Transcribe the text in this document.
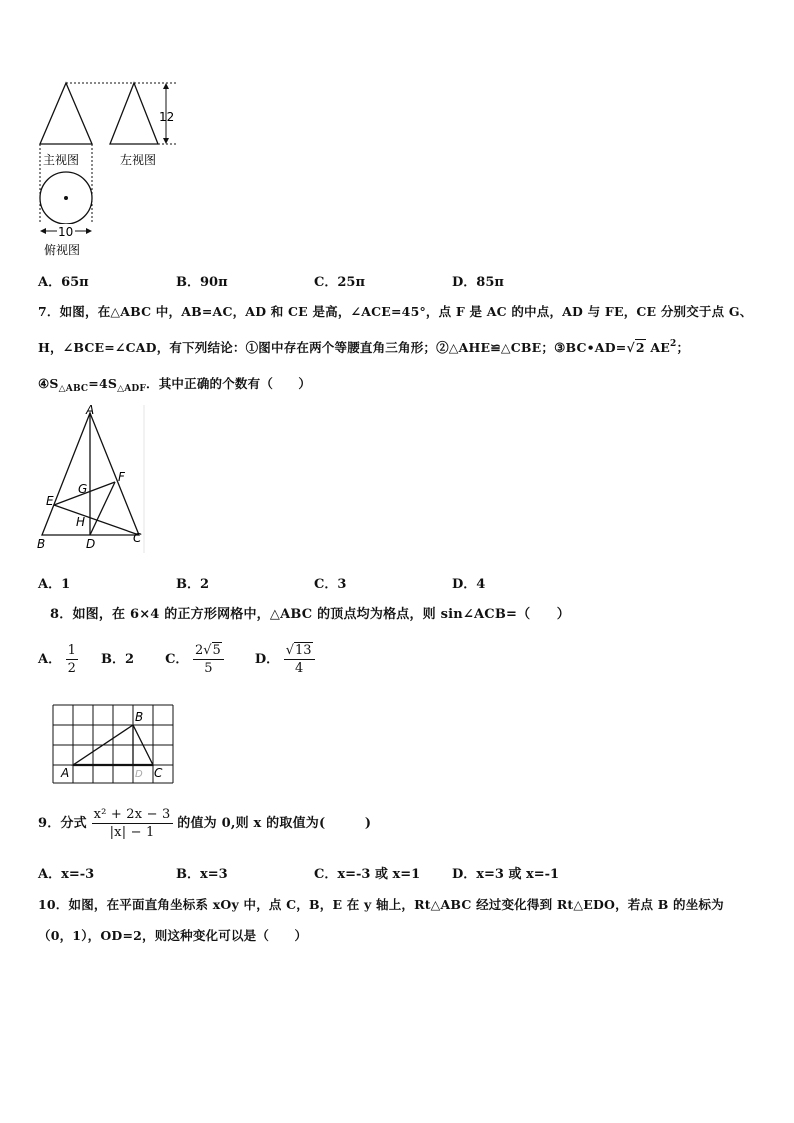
12
主视图	左视图
10
俯视图
A．65π	B．90π	C．25π	D．85π
7．如图，在△ABC 中，AB=AC，AD 和 CE 是高，∠ACE=45°，点 F 是 AC 的中点，AD 与 FE，CE 分别交于点 G、
H，∠BCE=∠CAD，有下列结论：①图中存在两个等腰直角三角形；②△AHE≌△CBE；③BC•AD=√2 $AE^2$；
$④S_{\triangle ABC}=4S_{\triangle ADF}$．其中正确的个数有（　　）
A
B	C
D
E
F
G
H
A．1	B．2	C．3	D．4
8．如图，在 6×4 的正方形网格中，△ABC 的顶点均为格点，则 sin∠ACB=（　　）
A． $\frac{1}{2}$ B．2 C． $\frac{2√5}{5}$ D． $\frac{√13}{4}$
A
B
C
D
9．分式 $\frac{\text{x² + 2x − 3}}{|x| - 1}$ 的值为 0,则 x 的取值为(　　　)
A．x=-3	B．x=3	C．x=-3 或 x=1 D．x=3 或 x=-1
10．如图，在平面直角坐标系 xOy 中，点 C，B，E 在 y 轴上，Rt△ABC 经过变化得到 Rt△EDO，若点 B 的坐标为
（0，1），OD=2，则这种变化可以是（　　）
